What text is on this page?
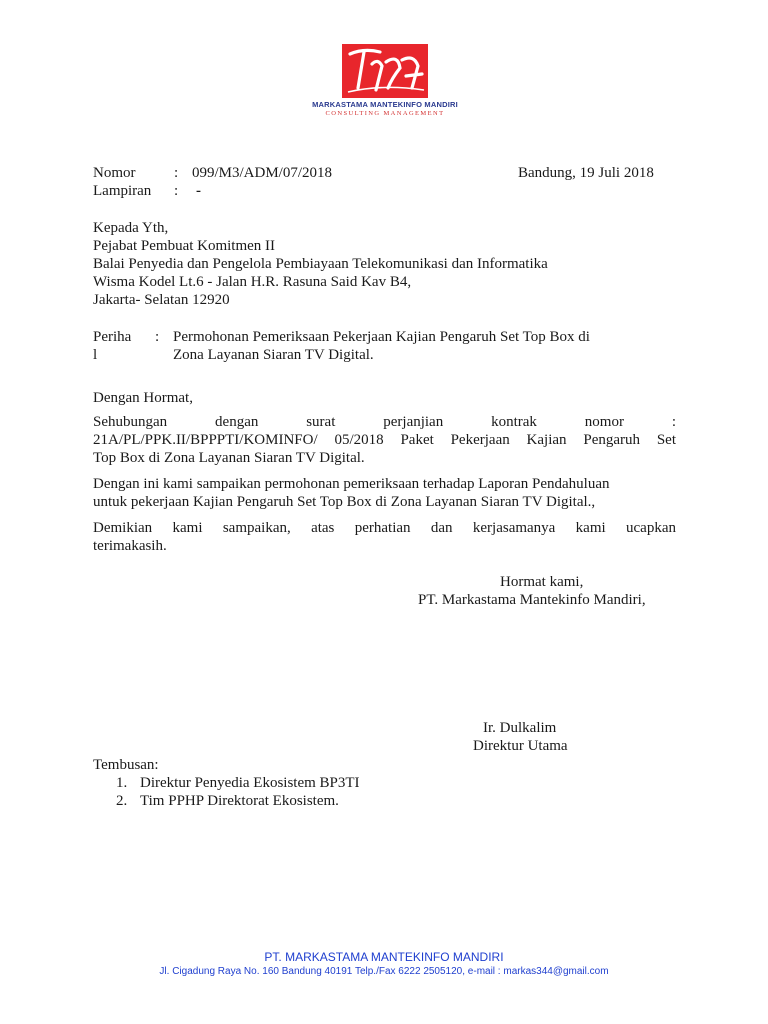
MARKASTAMA MANTEKINFO MANDIRI
CONSULTING MANAGEMENT
Nomor	: 099/M3/ADM/07/2018	Bandung, 19 Juli 2018
Lampiran : -
Kepada Yth,
Pejabat Pembuat Komitmen II
Balai Penyedia dan Pengelola Pembiayaan Telekomunikasi dan Informatika
Wisma Kodel Lt.6 - Jalan H.R. Rasuna Said Kav B4,
Jakarta- Selatan 12920
Periha
l
: Permohonan Pemeriksaan Pekerjaan Kajian Pengaruh Set Top Box di
Zona Layanan Siaran TV Digital.
Dengan Hormat,
Sehubungan dengan surat perjanjian kontrak nomor :
21A/PL/PPK.II/BPPPTI/KOMINFO/ 05/2018 Paket Pekerjaan Kajian Pengaruh Set
Top Box di Zona Layanan Siaran TV Digital.
Dengan ini kami sampaikan permohonan pemeriksaan terhadap Laporan Pendahuluan
untuk pekerjaan Kajian Pengaruh Set Top Box di Zona Layanan Siaran TV Digital.,
Demikian kami sampaikan, atas perhatian dan kerjasamanya kami ucapkan
terimakasih.
Hormat kami,
PT. Markastama Mantekinfo Mandiri,
Ir. Dulkalim
Direktur Utama
Tembusan:
1. Direktur Penyedia Ekosistem BP3TI
2. Tim PPHP Direktorat Ekosistem.
PT. MARKASTAMA MANTEKINFO MANDIRI
Jl. Cigadung Raya No. 160 Bandung 40191 Telp./Fax 6222 2505120, e-mail : markas344@gmail.com
